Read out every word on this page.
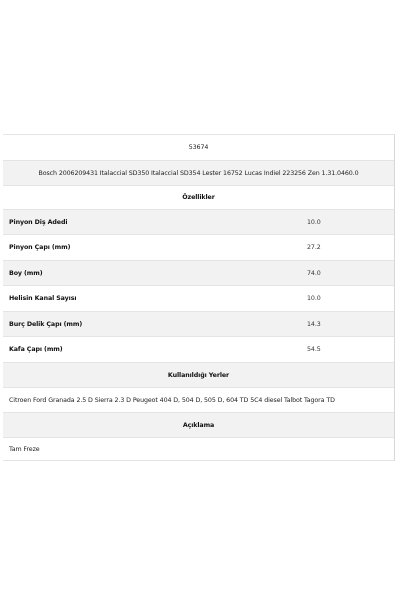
53674
Bosch 2006209431 Italaccial SD350 Italaccial SD354 Lester 16752 Lucas Indiel 223256 Zen 1.31.0460.0
Özellikler
Pinyon Diş Adedi	10.0
Pinyon Çapı (mm)	27.2
Boy (mm)	74.0
Helisin Kanal Sayısı	10.0
Burç Delik Çapı (mm)	14.3
Kafa Çapı (mm)	54.5
Kullanıldığı Yerler
Citroen Ford Granada 2.5 D Sierra 2.3 D Peugeot 404 D, 504 D, 505 D, 604 TD 5C4 diesel Talbot Tagora TD
Açıklama
Tam Freze
